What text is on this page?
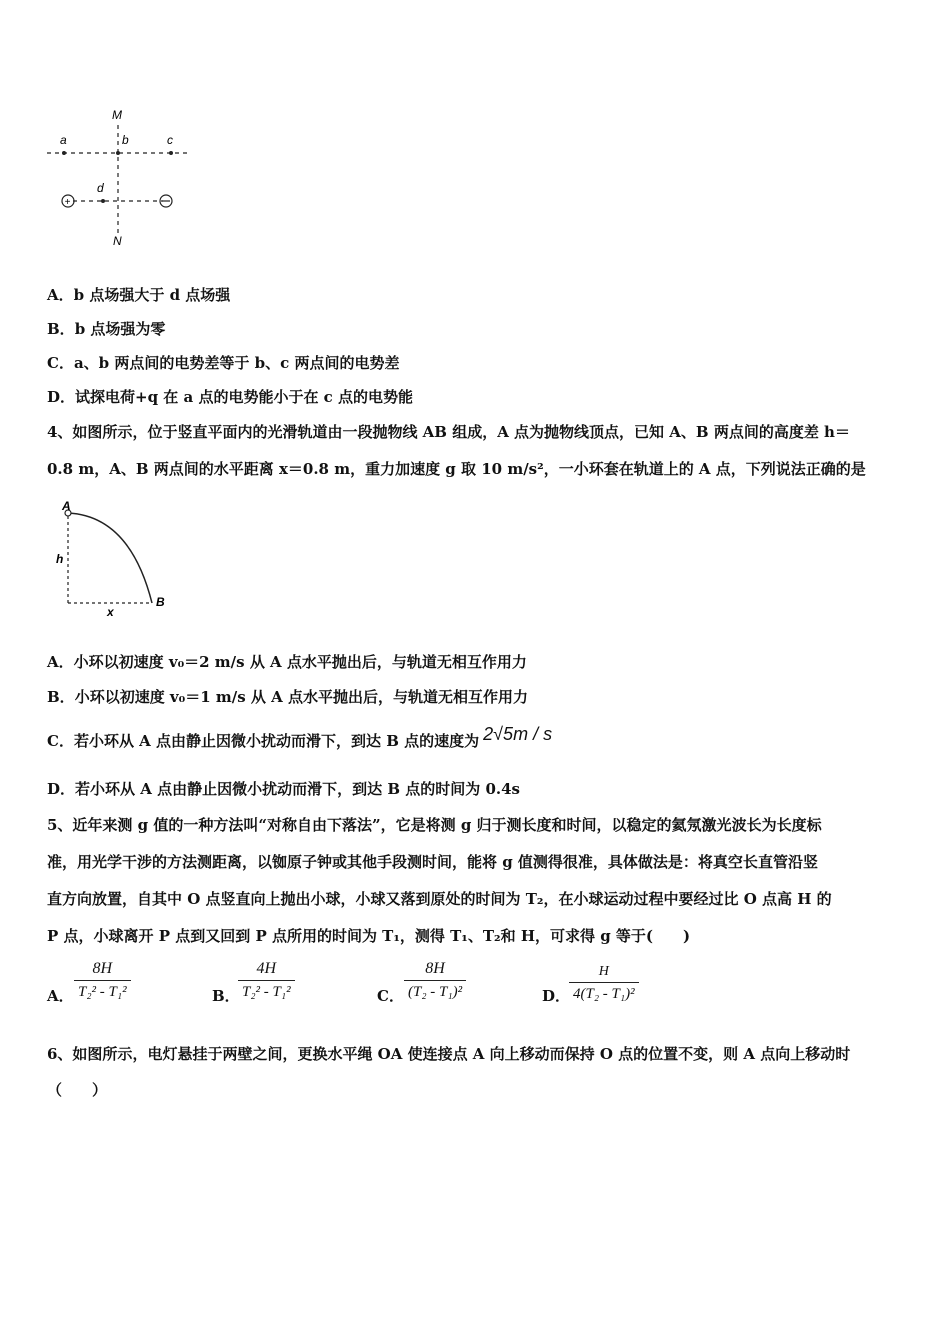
+
M
N
a	b	c
d
A．b 点场强大于 d 点场强
B．b 点场强为零
C．a、b 两点间的电势差等于 b、c 两点间的电势差
D．试探电荷+q 在 a 点的电势能小于在 c 点的电势能
4、如图所示，位于竖直平面内的光滑轨道由一段抛物线 AB 组成，A 点为抛物线顶点，已知 A、B 两点间的高度差 h＝
0.8 m，A、B 两点间的水平距离 x＝0.8 m，重力加速度 g 取 10 m/s²，一小环套在轨道上的 A 点，下列说法正确的是
A
B
h
x
A．小环以初速度 v₀＝2 m/s 从 A 点水平抛出后，与轨道无相互作用力
B．小环以初速度 v₀＝1 m/s 从 A 点水平抛出后，与轨道无相互作用力
C．若小环从 A 点由静止因微小扰动而滑下，到达 B 点的速度为 2√5m / s
D．若小环从 A 点由静止因微小扰动而滑下，到达 B 点的时间为 0.4s
5、近年来测 g 值的一种方法叫“对称自由下落法”，它是将测 g 归于测长度和时间，以稳定的氦氖激光波长为长度标
准，用光学干涉的方法测距离，以铷原子钟或其他手段测时间，能将 g 值测得很准，具体做法是：将真空长直管沿竖
直方向放置，自其中 O 点竖直向上抛出小球，小球又落到原处的时间为 T₂，在小球运动过程中要经过比 O 点高 H 的
P 点，小球离开 P 点到又回到 P 点所用的时间为 T₁，测得 T₁、T₂和 H，可求得 g 等于(　　)
A． $\frac{8H}{\text{T₂² - T₁²}}$	B．
$\frac{4H}{\text{T₂² - T₁²}}$	C． $\frac{8H}{\text{(T₂ - T₁)²}}$	D．
$\frac{H}{\text{4(T₂ - T₁)²}}$
6、如图所示，电灯悬挂于两壁之间，更换水平绳 OA 使连接点 A 向上移动而保持 O 点的位置不变，则 A 点向上移动时
（　　）
